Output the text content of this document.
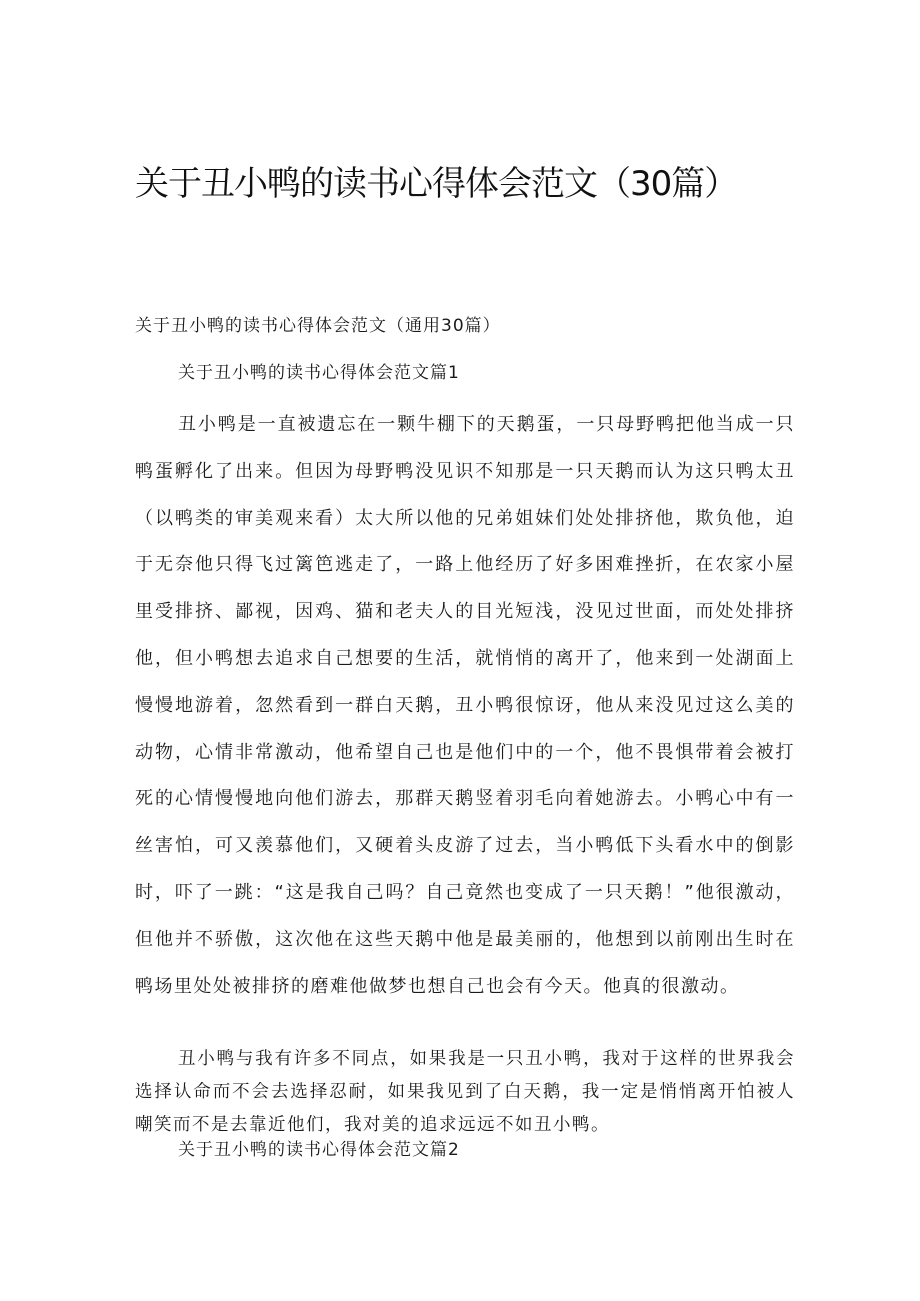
关于丑小鸭的读书心得体会范文（30篇）
关于丑小鸭的读书心得体会范文（通用30篇）
关于丑小鸭的读书心得体会范文篇1

丑小鸭是一直被遗忘在一颗牛棚下的天鹅蛋，一只母野鸭把他当成一只鸭蛋孵化了出来。但因为母野鸭没见识不知那是一只天鹅而认为这只鸭太丑（以鸭类的审美观来看）太大所以他的兄弟姐妹们处处排挤他，欺负他，迫于无奈他只得飞过篱笆逃走了，一路上他经历了好多困难挫折，在农家小屋里受排挤、鄙视，因鸡、猫和老夫人的目光短浅，没见过世面，而处处排挤他，但小鸭想去追求自己想要的生活，就悄悄的离开了，他来到一处湖面上慢慢地游着，忽然看到一群白天鹅，丑小鸭很惊讶，他从来没见过这么美的动物，心情非常激动，他希望自己也是他们中的一个，他不畏惧带着会被打死的心情慢慢地向他们游去，那群天鹅竖着羽毛向着她游去。小鸭心中有一丝害怕，可又羡慕他们，又硬着头皮游了过去，当小鸭低下头看水中的倒影时，吓了一跳：“这是我自己吗？自己竟然也变成了一只天鹅！”他很激动，但他并不骄傲，这次他在这些天鹅中他是最美丽的，他想到以前刚出生时在鸭场里处处被排挤的磨难他做梦也想自己也会有今天。他真的很激动。

丑小鸭与我有许多不同点，如果我是一只丑小鸭，我对于这样的世界我会选择认命而不会去选择忍耐，如果我见到了白天鹅，我一定是悄悄离开怕被人嘲笑而不是去靠近他们，我对美的追求远远不如丑小鸭。

关于丑小鸭的读书心得体会范文篇2
